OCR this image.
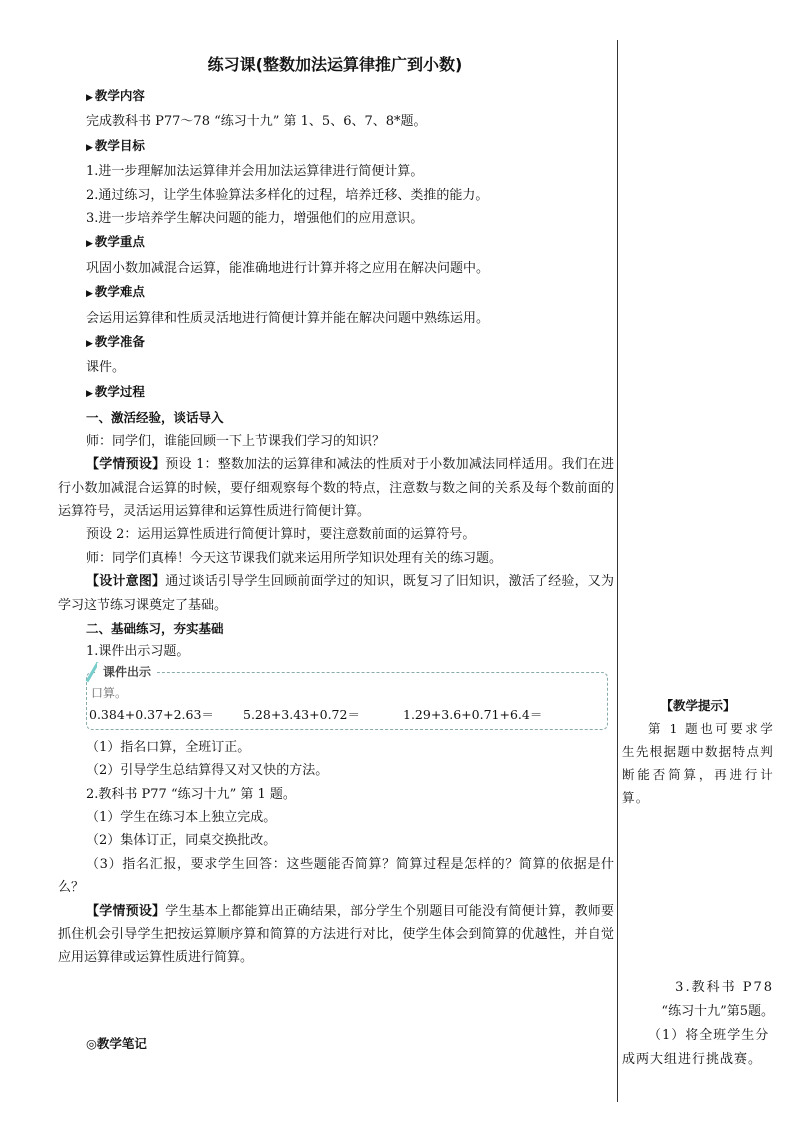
练习课(整数加法运算律推广到小数)

▶ 教学内容

完成教科书 P77～78 “练习十九” 第 1、5、6、7、8*题。

▶ 教学目标

1.进一步理解加法运算律并会用加法运算律进行简便计算。

2.通过练习，让学生体验算法多样化的过程，培养迁移、类推的能力。

3.进一步培养学生解决问题的能力，增强他们的应用意识。

▶ 教学重点

巩固小数加减混合运算，能准确地进行计算并将之应用在解决问题中。

▶ 教学难点

会运用运算律和性质灵活地进行简便计算并能在解决问题中熟练运用。

▶ 教学准备

课件。

▶ 教学过程

一、激活经验，谈话导入

师：同学们，谁能回顾一下上节课我们学习的知识？

【学情预设】预设 1：整数加法的运算律和减法的性质对于小数加减法同样适用。我们在进行小数加减混合运算的时候，要仔细观察每个数的特点，注意数与数之间的关系及每个数前面的运算符号，灵活运用运算律和运算性质进行简便计算。

预设 2：运用运算性质进行简便计算时，要注意数前面的运算符号。

师：同学们真棒！今天这节课我们就来运用所学知识处理有关的练习题。

【设计意图】通过谈话引导学生回顾前面学过的知识，既复习了旧知识，激活了经验，又为学习这节练习课奠定了基础。

二、基础练习，夯实基础

1.课件出示习题。

课件出示
口算。
0.384+0.37+2.63＝ 5.28+3.43+0.72＝	1.29+3.6+0.71+6.4＝

（1）指名口算，全班订正。

（2）引导学生总结算得又对又快的方法。

2.教科书 P77 “练习十九” 第 1 题。

（1）学生在练习本上独立完成。

（2）集体订正，同桌交换批改。

（3）指名汇报，要求学生回答：这些题能否简算？简算过程是怎样的？简算的依据是什么？

【学情预设】学生基本上都能算出正确结果，部分学生个别题目可能没有简便计算，教师要抓住机会引导学生把按运算顺序算和简算的方法进行对比，使学生体会到简算的优越性，并自觉应用运算律或运算性质进行简算。

◎教学笔记
【教学提示】
第 1 题也可要求学生先根据题中数据特点判断能否简算，再进行计算。

3.教科书 P78

“练习十九”第5题。

（1）将全班学生分成两大组进行挑战赛。
